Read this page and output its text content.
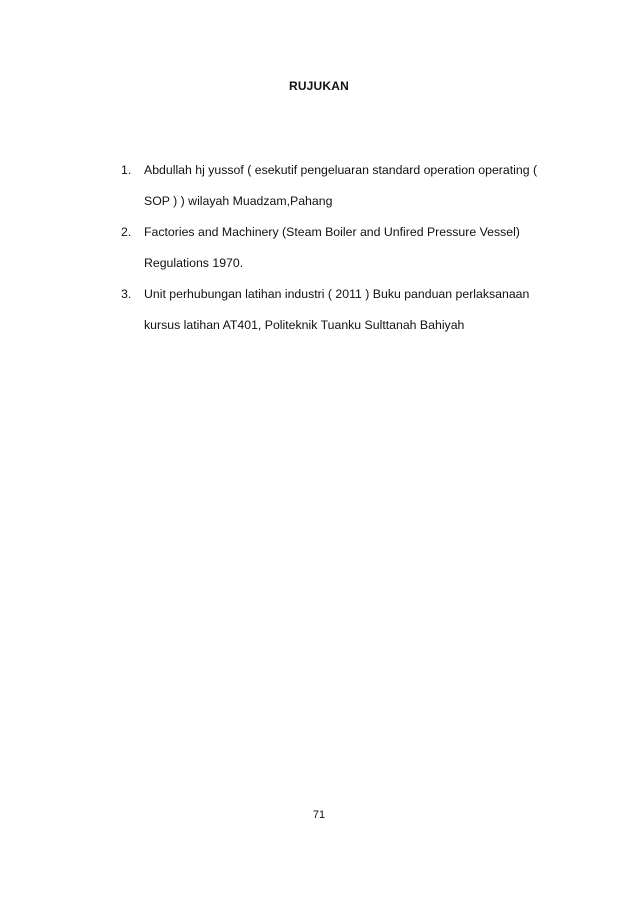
RUJUKAN
1. Abdullah hj yussof ( esekutif pengeluaran standard operation operating (
SOP ) ) wilayah Muadzam,Pahang
2. Factories and Machinery (Steam Boiler and Unfired Pressure Vessel)
Regulations 1970.
3. Unit perhubungan latihan industri ( 2011 ) Buku panduan perlaksanaan
kursus latihan AT401, Politeknik Tuanku Sulttanah Bahiyah
71
